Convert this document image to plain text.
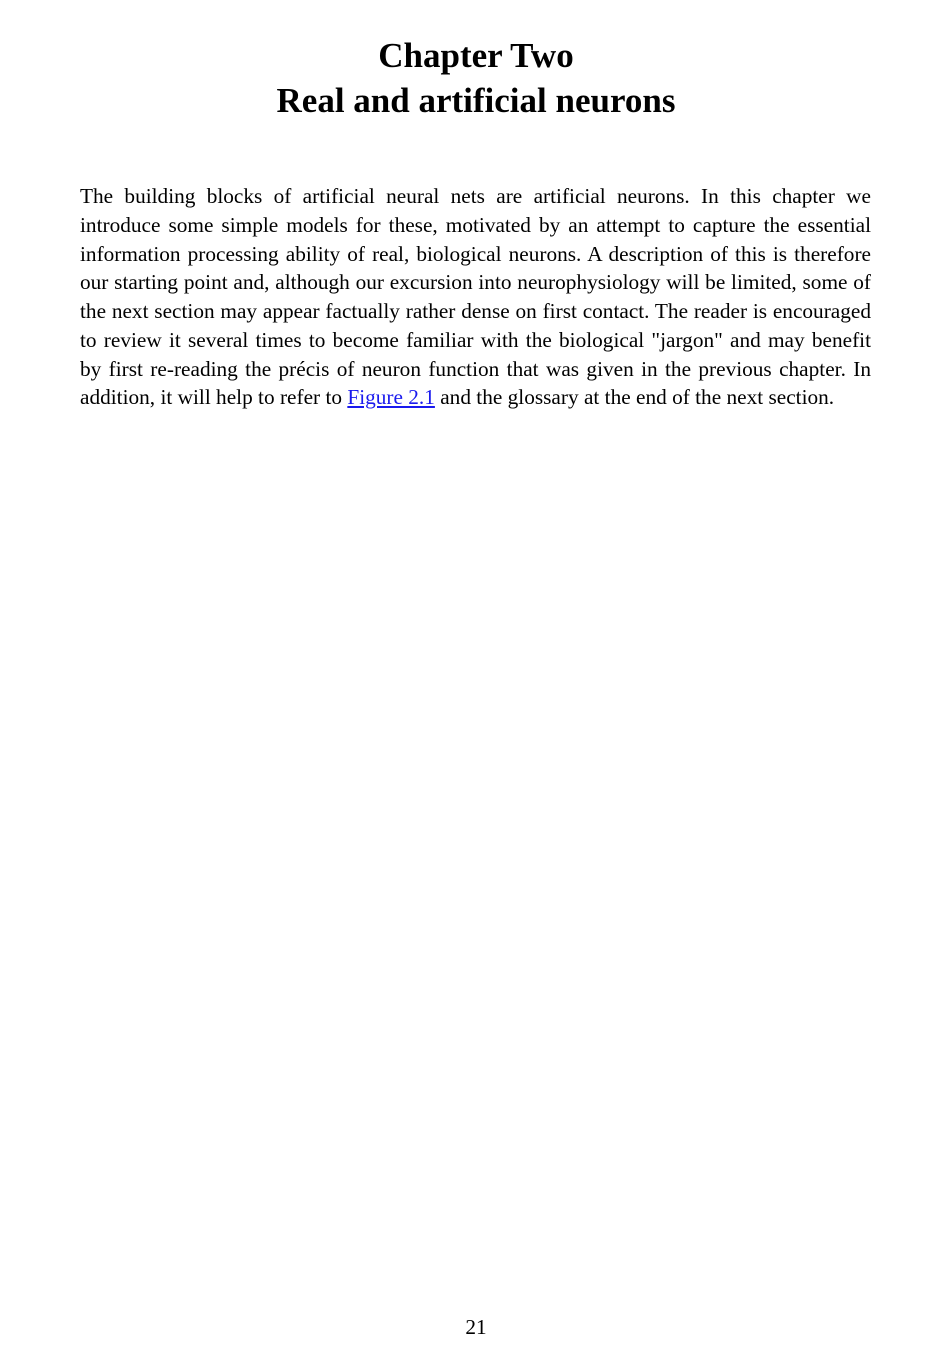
Chapter Two
Real and artificial neurons

The building blocks of artificial neural nets are artificial neurons. In this chapter we introduce some simple models for these, motivated by an attempt to capture the essential information processing ability of real, biological neurons. A description of this is therefore our starting point and, although our excursion into neurophysiology will be limited, some of the next section may appear factually rather dense on first contact. The reader is encouraged to review it several times to become familiar with the biological "jargon" and may benefit by first re-reading the précis of neuron function that was given in the previous chapter. In addition, it will help to refer to Figure 2.1 and the glossary at the end of the next section.

21
